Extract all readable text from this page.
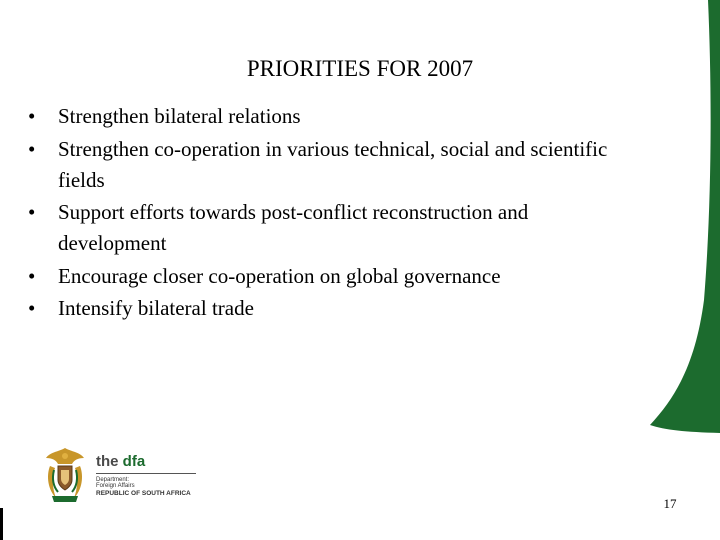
PRIORITIES FOR 2007
•	Strengthen bilateral relations
•	Strengthen co-operation in various technical, social and scientific fields
•	Support efforts towards post-conflict reconstruction and development
•	Encourage closer co-operation on global governance
•	Intensify bilateral trade
the dfa
Department:
Foreign Affairs
REPUBLIC OF SOUTH AFRICA
17
